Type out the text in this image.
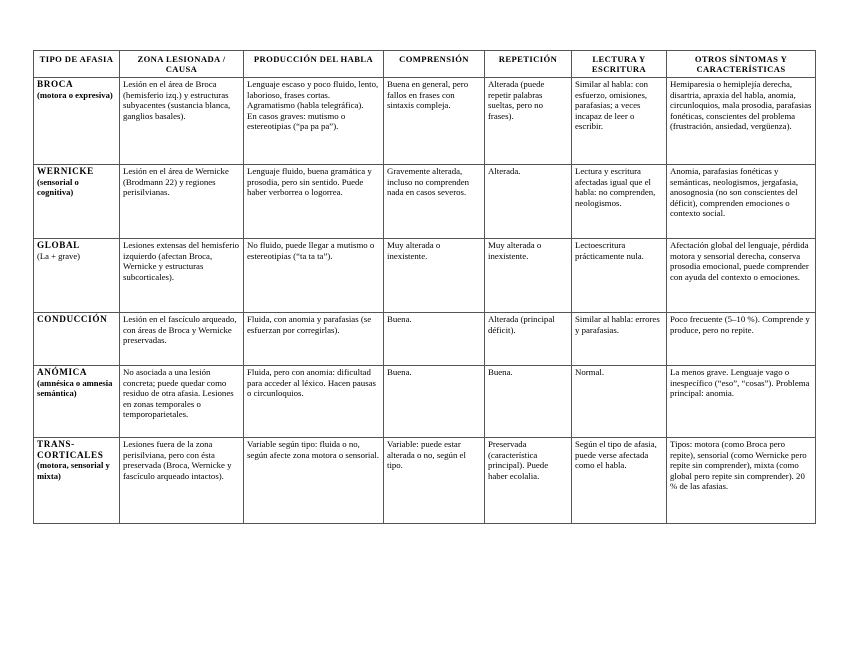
TIPO DE AFASIA	ZONA LESIONADA / CAUSA	PRODUCCIÓN DEL HABLA	COMPRENSIÓN	REPETICIÓN	LECTURA Y ESCRITURA	OTROS SÍNTOMAS Y CARACTERÍSTICAS

BROCA
(motora o expresiva)	Lesión en el área de Broca (hemisferio izq.) y estructuras subyacentes (sustancia blanca, ganglios basales).	Lenguaje escaso y poco fluido, lento, laborioso, frases cortas.
Agramatismo (habla telegráfica).
En casos graves: mutismo o estereotipias (“pa pa pa”).	Buena en general, pero fallos en frases con sintaxis compleja.	Alterada (puede repetir palabras sueltas, pero no frases).	Similar al habla: con esfuerzo, omisiones, parafasias; a veces incapaz de leer o escribir.	Hemiparesia o hemiplejía derecha, disartria, apraxia del habla, anomia, circunloquios, mala prosodia, parafasias fonéticas, conscientes del problema (frustración, ansiedad, vergüenza).

WERNICKE
(sensorial o cognitiva)	Lesión en el área de Wernicke (Brodmann 22) y regiones perisilvianas.	Lenguaje fluido, buena gramática y prosodia, pero sin sentido. Puede haber verborrea o logorrea.	Gravemente alterada, incluso no comprenden nada en casos severos.	Alterada.	Lectura y escritura afectadas igual que el habla: no comprenden, neologismos.	Anomia, parafasias fonéticas y semánticas, neologismos, jergafasia, anosognosia (no son conscientes del déficit), comprenden emociones o contexto social.

GLOBAL
(La + grave)	Lesiones extensas del hemisferio izquierdo (afectan Broca, Wernicke y estructuras subcorticales).	No fluido, puede llegar a mutismo o estereotipias (“ta ta ta”).	Muy alterada o inexistente.	Muy alterada o inexistente.	Lectoescritura prácticamente nula.	Afectación global del lenguaje, pérdida motora y sensorial derecha, conserva prosodia emocional, puede comprender con ayuda del contexto o emociones.

CONDUCCIÓN	Lesión en el fascículo arqueado, con áreas de Broca y Wernicke preservadas.	Fluida, con anomia y parafasias (se esfuerzan por corregirlas).	Buena.	Alterada (principal déficit).	Similar al habla: errores y parafasias.	Poco frecuente (5–10 %). Comprende y produce, pero no repite.

ANÓMICA
(amnésica o amnesia semántica)	No asociada a una lesión concreta; puede quedar como residuo de otra afasia. Lesiones en zonas temporales o temporoparietales.	Fluida, pero con anomia: dificultad para acceder al léxico. Hacen pausas o circunloquios.	Buena.	Buena.	Normal.	La menos grave. Lenguaje vago o inespecífico (“eso”, “cosas”). Problema principal: anomia.

TRANS-CORTICALES
(motora, sensorial y mixta)	Lesiones fuera de la zona perisilviana, pero con ésta preservada (Broca, Wernicke y fascículo arqueado intactos).	Variable según tipo: fluida o no, según afecte zona motora o sensorial.	Variable: puede estar alterada o no, según el tipo.	Preservada (característica principal). Puede haber ecolalia.	Según el tipo de afasia, puede verse afectada como el habla.	Tipos: motora (como Broca pero repite), sensorial (como Wernicke pero repite sin comprender), mixta (como global pero repite sin comprender). 20 % de las afasias.
